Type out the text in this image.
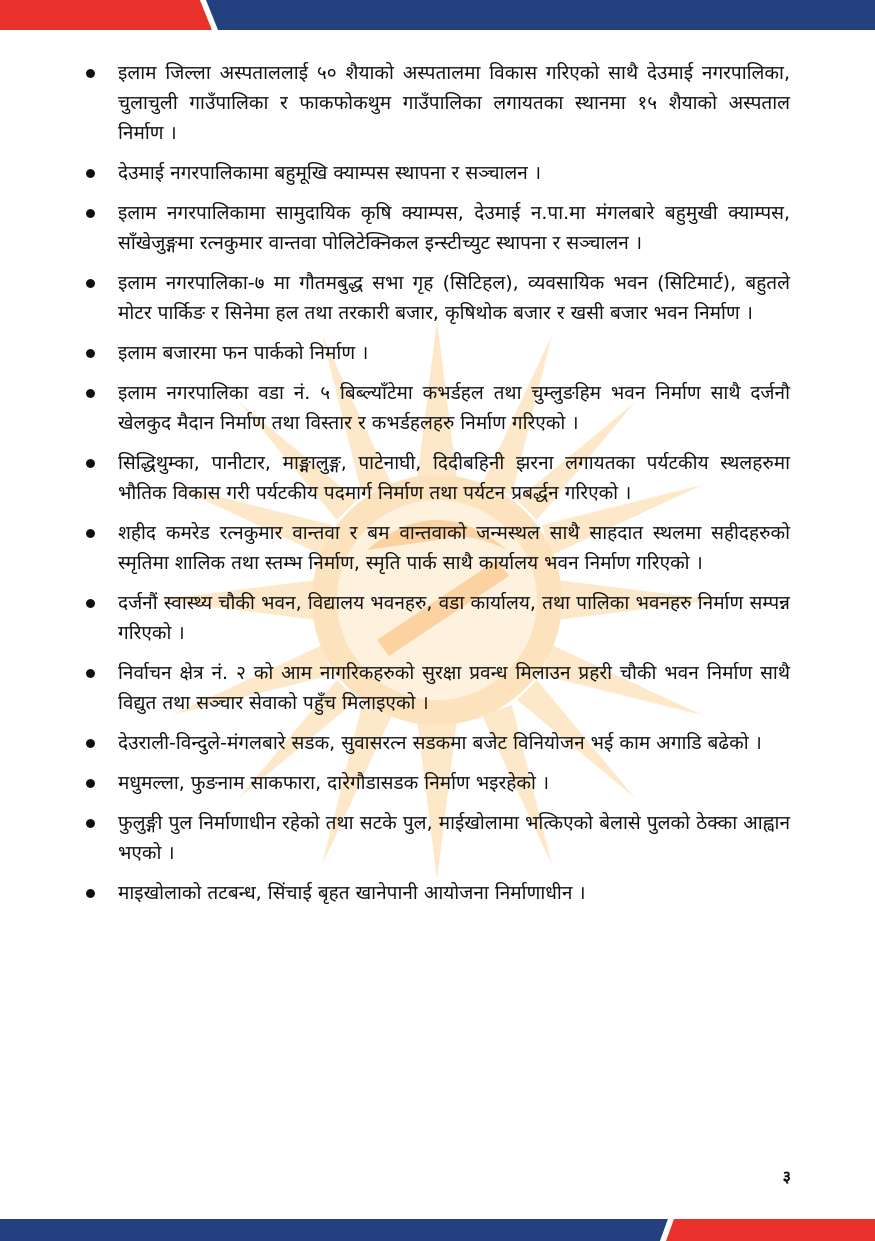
इलाम जिल्ला अस्पताललाई ५० शैयाको अस्पतालमा विकास गरिएको साथै देउमाई नगरपालिका, चुलाचुली गाउँपालिका र फाकफोकथुम गाउँपालिका लगायतका स्थानमा १५ शैयाको अस्पताल निर्माण ।
देउमाई नगरपालिकामा बहुमूखि क्याम्पस स्थापना र सञ्चालन ।
इलाम नगरपालिकामा सामुदायिक कृषि क्याम्पस, देउमाई न.पा.मा मंगलबारे बहुमुखी क्याम्पस, साँखेजुङ्गमा रत्नकुमार वान्तवा पोलिटेक्निकल इन्स्टीच्युट स्थापना र सञ्चालन ।
इलाम नगरपालिका-७ मा गौतमबुद्ध सभा गृह (सिटिहल), व्यवसायिक भवन (सिटिमार्ट), बहुतले मोटर पार्किङ र सिनेमा हल तथा तरकारी बजार, कृषिथोक बजार र खसी बजार भवन निर्माण ।
इलाम बजारमा फन पार्कको निर्माण ।
इलाम नगरपालिका वडा नं. ५ बिब्ल्याँटेमा कभर्डहल तथा चुम्लुङहिम भवन निर्माण साथै दर्जनौ खेलकुद मैदान निर्माण तथा विस्तार र कभर्डहलहरु निर्माण गरिएको ।
सिद्धिथुम्का, पानीटार, माङ्मालुङ्ग, पाटेनाघी, दिदीबहिनी झरना लगायतका पर्यटकीय स्थलहरुमा भौतिक विकास गरी पर्यटकीय पदमार्ग निर्माण तथा पर्यटन प्रबर्द्धन गरिएको ।
शहीद कमरेड रत्नकुमार वान्तवा र बम वान्तवाको जन्मस्थल साथै साहदात स्थलमा सहीदहरुको स्मृतिमा शालिक तथा स्तम्भ निर्माण, स्मृति पार्क साथै कार्यालय भवन निर्माण गरिएको ।
दर्जनौं स्वास्थ्य चौकी भवन, विद्यालय भवनहरु, वडा कार्यालय, तथा पालिका भवनहरु निर्माण सम्पन्न गरिएको ।
निर्वाचन क्षेत्र नं. २ को आम नागरिकहरुको सुरक्षा प्रवन्ध मिलाउन प्रहरी चौकी भवन निर्माण साथै विद्युत तथा सञ्चार सेवाको पहुँच मिलाइएको ।
देउराली-विन्दुले-मंगलबारे सडक, सुवासरत्न सडकमा बजेट विनियोजन भई काम अगाडि बढेको ।
मधुमल्ला, फुङनाम साकफारा, दारेगौडासडक निर्माण भइरहेको ।
फुलुङ्गी पुल निर्माणाधीन रहेको तथा सटके पुल, माईखोलामा भत्किएको बेलासे पुलको ठेक्का आह्वान भएको ।
माइखोलाको तटबन्ध, सिंचाई बृहत खानेपानी आयोजना निर्माणाधीन ।
३
